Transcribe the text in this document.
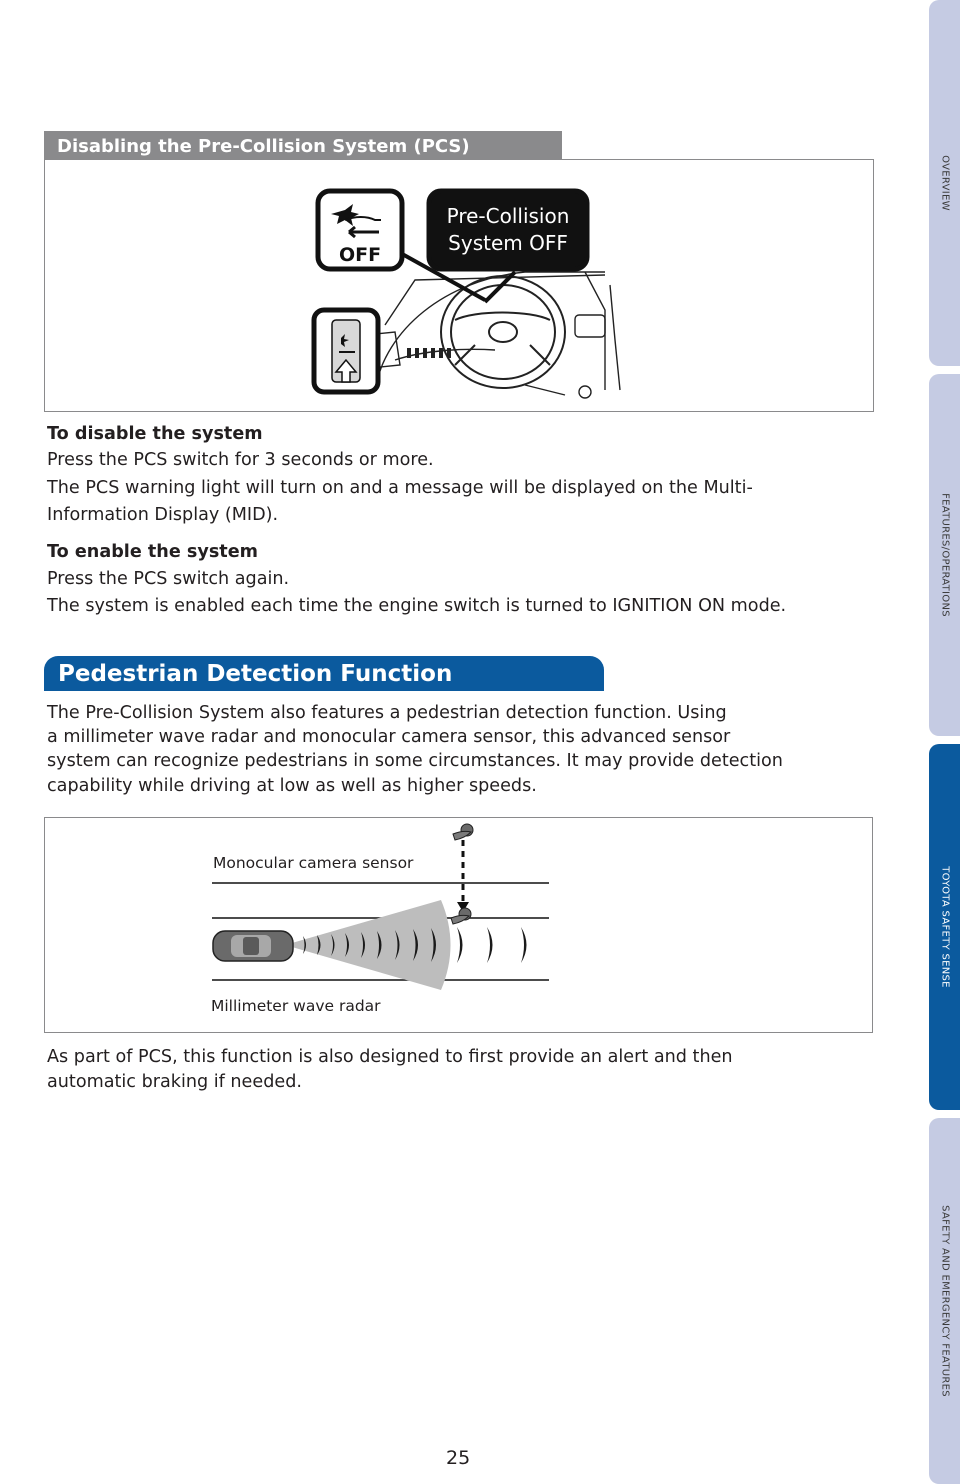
OVERVIEW
FEATURES/OPERATIONS
TOYOTA SAFETY SENSE
SAFETY AND EMERGENCY FEATURES
Disabling the Pre-Collision System (PCS)
OFF
Pre-Collision
System OFF
To disable the system
Press the PCS switch for 3 seconds or more.
The PCS warning light will turn on and a message will be displayed on the Multi-
Information Display (MID).
To enable the system
Press the PCS switch again.
The system is enabled each time the engine switch is turned to IGNITION ON mode.
Pedestrian Detection Function
The Pre-Collision System also features a pedestrian detection function. Using
a millimeter wave radar and monocular camera sensor, this advanced sensor
system can recognize pedestrians in some circumstances. It may provide detection
capability while driving at low as well as higher speeds.
Monocular camera sensor
Millimeter wave radar
As part of PCS, this function is also designed to first provide an alert and then
automatic braking if needed.
25
